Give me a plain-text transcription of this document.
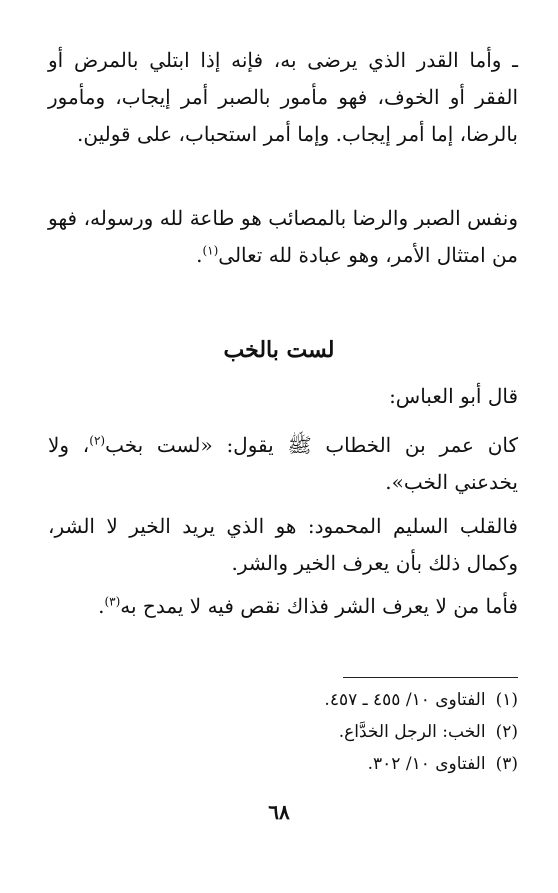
ـ وأما القدر الذي يرضى به، فإنه إذا ابتلي بالمرض أو الفقر أو الخوف، فهو مأمور بالصبر أمر إيجاب، ومأمور بالرضا، إما أمر إيجاب. وإما أمر استحباب، على قولين.

ونفس الصبر والرضا بالمصائب هو طاعة لله ورسوله، فهو من امتثال الأمر، وهو عبادة لله تعالى$^{(١)}$.

لست بالخب

قال أبو العباس:

كان عمر بن الخطاب ﷺ يقول: «لست بخب$^{(٢)}$، ولا يخدعني الخب».

فالقلب السليم المحمود: هو الذي يريد الخير لا الشر، وكمال ذلك بأن يعرف الخير والشر.

فأما من لا يعرف الشر فذاك نقص فيه لا يمدح به$^{(٣)}$.

(١)الفتاوى ١٠/ ٤٥٥ ـ ٤٥٧.

(٢)الخب: الرجل الخدَّاع.

(٣)الفتاوى ١٠/ ٣٠٢.

٦٨
